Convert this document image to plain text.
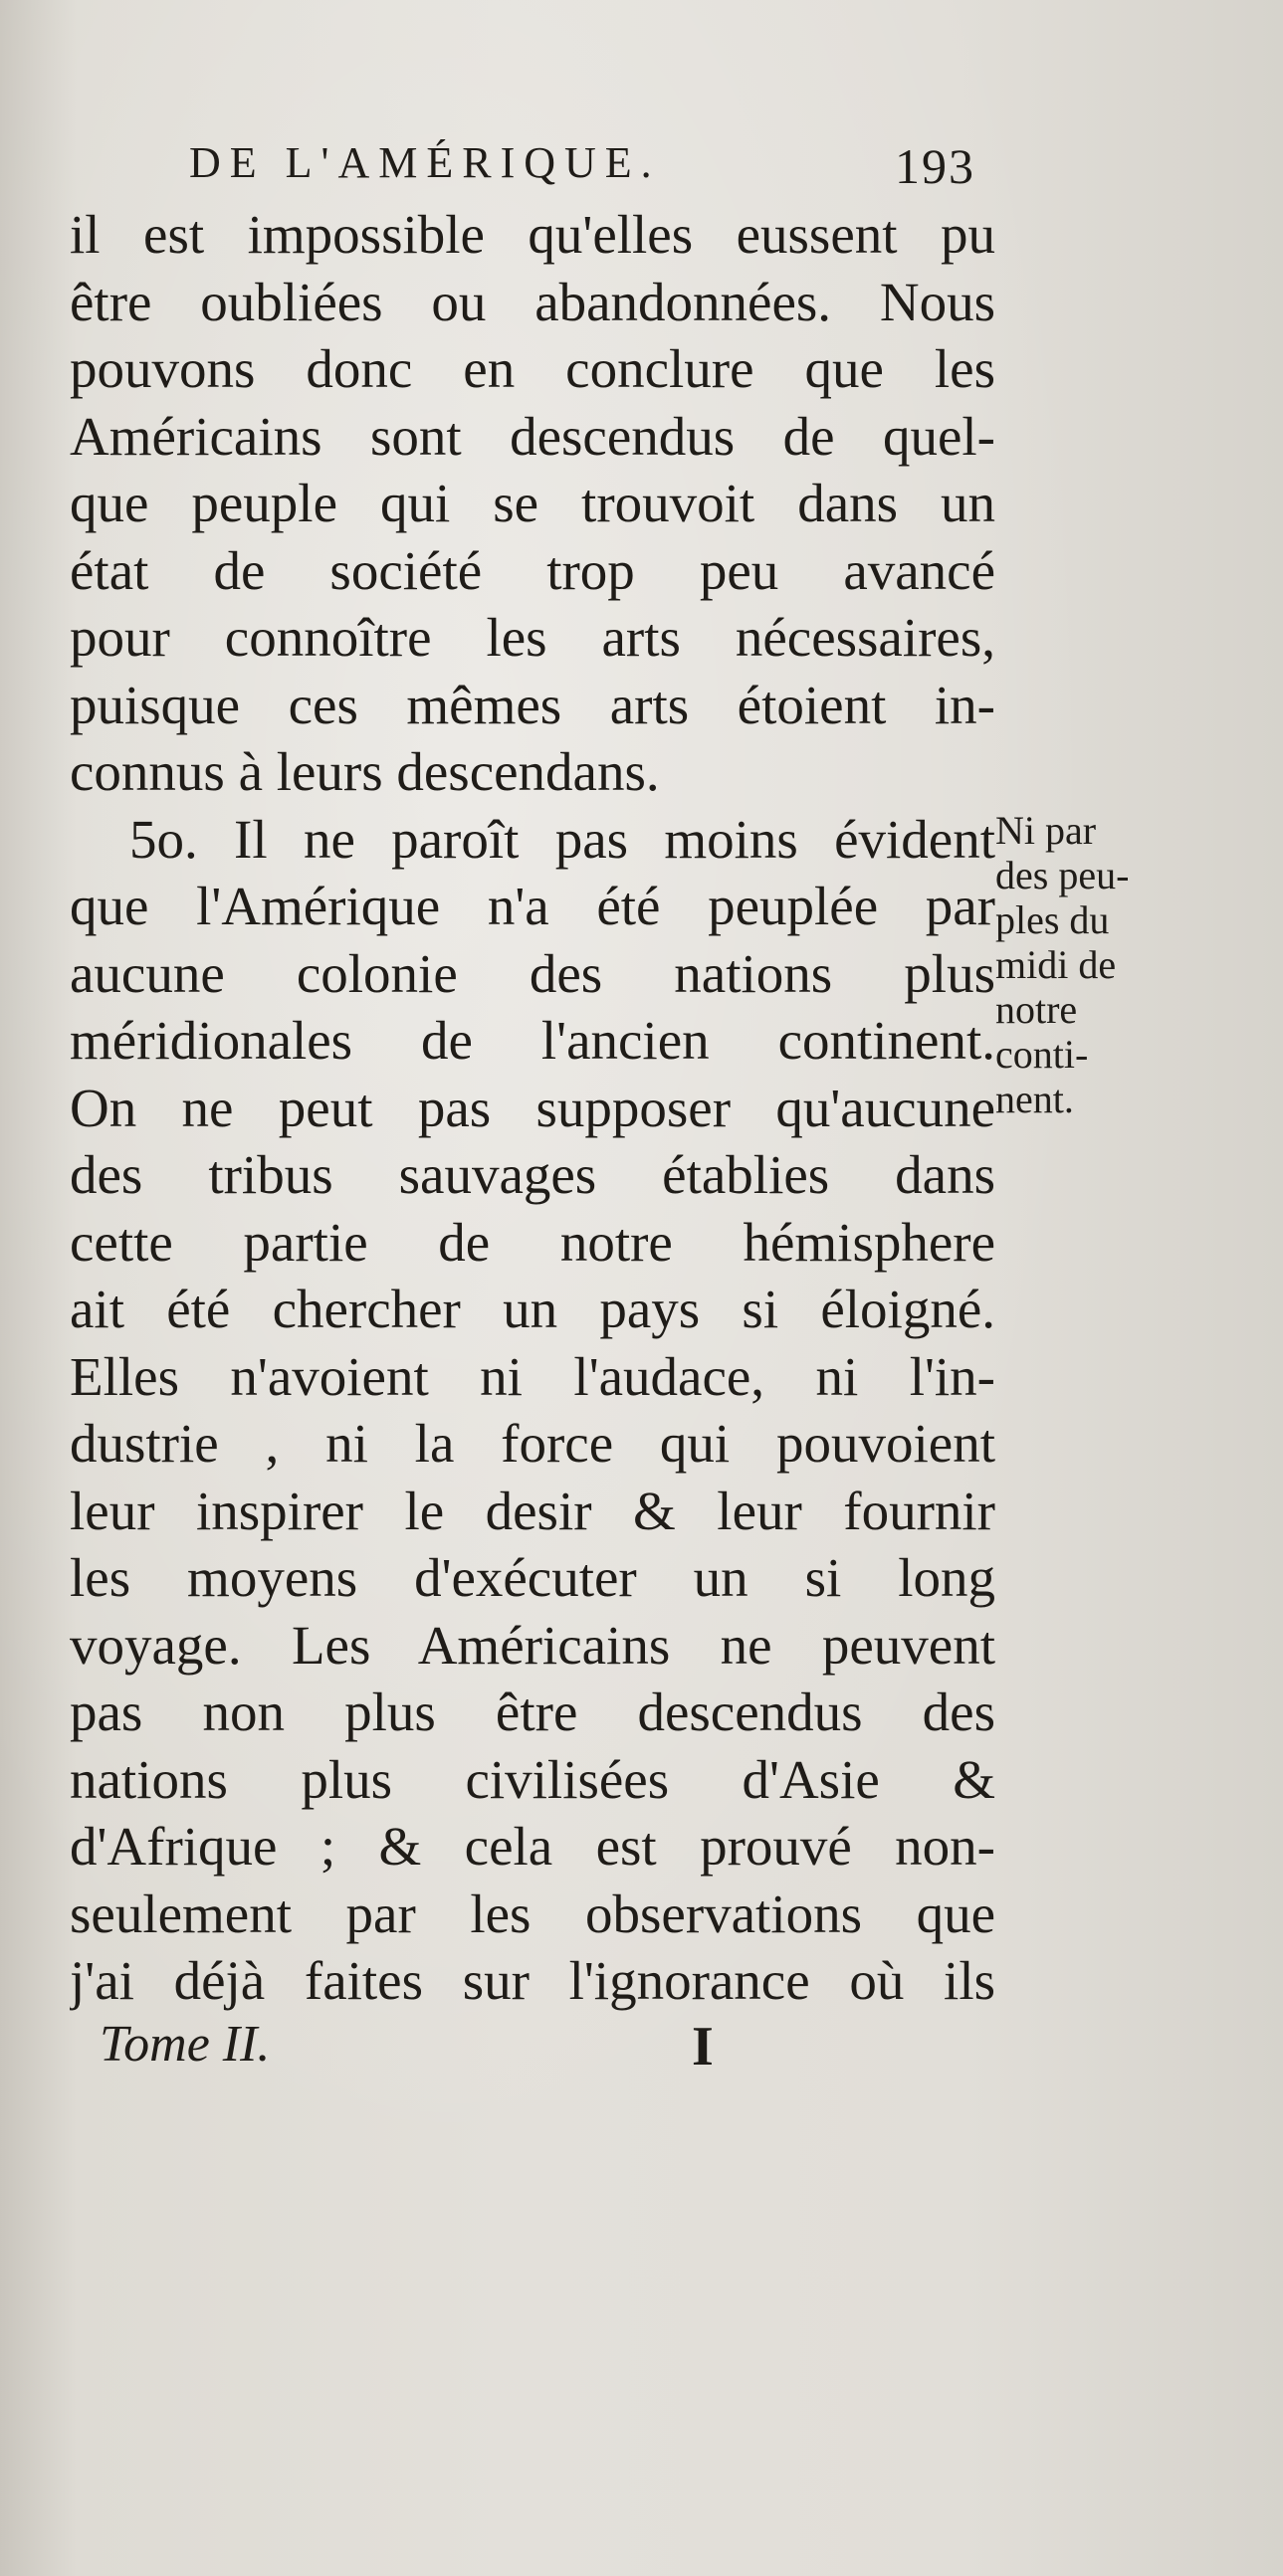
DE L'AMÉRIQUE.	193
il est impossible qu'elles eussent pu
être oubliées ou abandonnées. Nous
pouvons donc en conclure que les
Américains sont descendus de quel-
que peuple qui se trouvoit dans un
état de société trop peu avancé
pour connoître les arts nécessaires,
puisque ces mêmes arts étoient in-
connus à leurs descendans.
5o. Il ne paroît pas moins évident
que l'Amérique n'a été peuplée par
aucune colonie des nations plus
méridionales de l'ancien continent.
On ne peut pas supposer qu'aucune
des tribus sauvages établies dans
cette partie de notre hémisphere
ait été chercher un pays si éloigné.
Elles n'avoient ni l'audace, ni l'in-
dustrie , ni la force qui pouvoient
leur inspirer le desir & leur fournir
les moyens d'exécuter un si long
voyage. Les Américains ne peuvent
pas non plus être descendus des
nations plus civilisées d'Asie &
d'Afrique ; & cela est prouvé non-
seulement par les observations que
j'ai déjà faites sur l'ignorance où ils
Ni par
des peu-
ples du
midi de
notre
conti-
nent.
Tome II.	I
